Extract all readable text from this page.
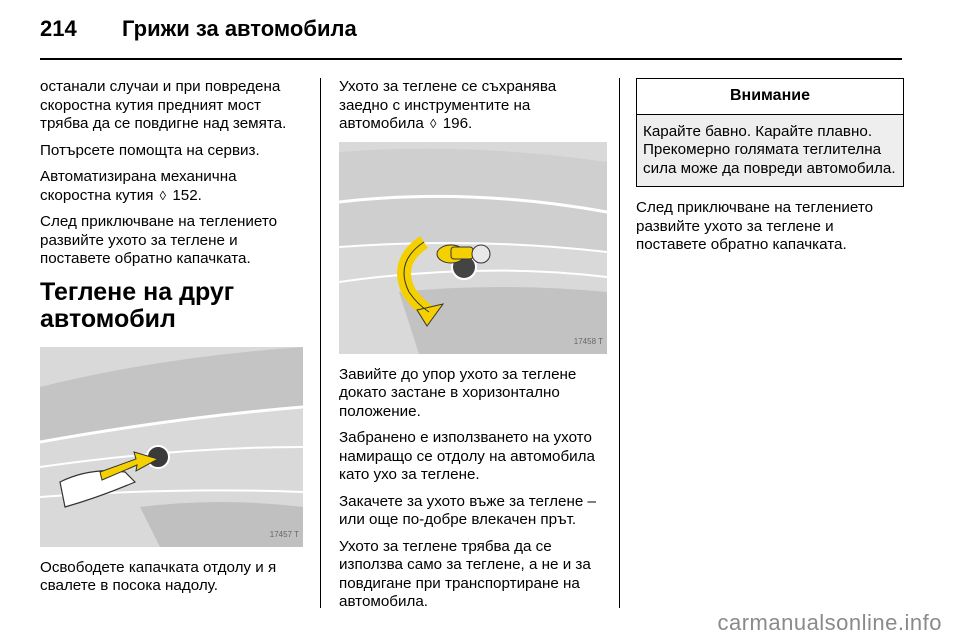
214	Грижи за автомобила

останали случаи и при повредена скоростна кутия предният мост трябва да се повдигне над земята.

Потърсете помощта на сервиз.

Автоматизирана механична скоростна кутия ◊ 152.

След приключване на теглението развийте ухото за теглене и поставете обратно капачката.

Теглене на друг автомобил
17457 T

Освободете капачката отдолу и я свалете в посока надолу.

Ухото за теглене се съхранява заедно с инструментите на автомобила ◊ 196.

17458 T

Завийте до упор ухото за теглене докато застане в хоризонтално положение.

Забранено е използването на ухото намиращо се отдолу на автомобила като ухо за теглене.

Закачете за ухото въже за теглене – или още по-добре влекачен прът.

Ухото за теглене трябва да се използва само за теглене, а не и за повдигане при транспортиране на автомобила.

Внимание
Карайте бавно. Карайте плавно. Прекомерно голямата теглителна сила може да повреди автомобила.

След приключване на теглението развийте ухото за теглене и поставете обратно капачката.

carmanualsonline.info
